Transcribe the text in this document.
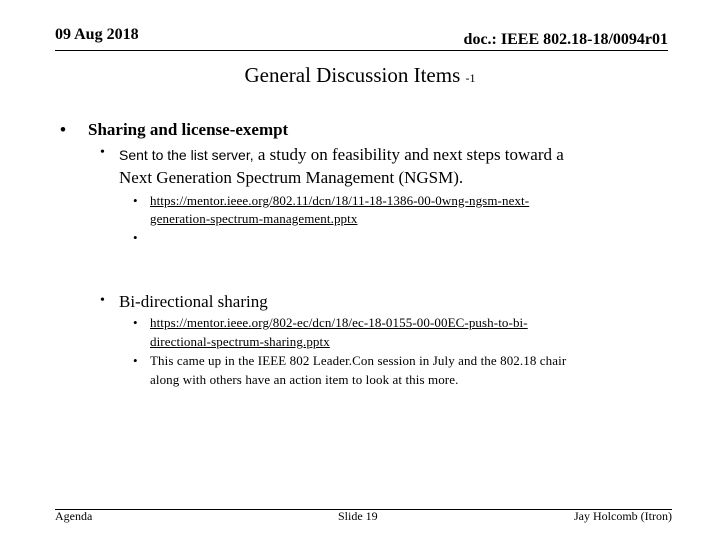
09 Aug 2018	doc.: IEEE 802.18-18/0094r01
General Discussion Items -1
• Sharing and license-exempt
• Sent to the list server, a study on feasibility and next steps toward a
Next Generation Spectrum Management (NGSM).
• https://mentor.ieee.org/802.11/dcn/18/11-18-1386-00-0wng-ngsm-next-
generation-spectrum-management.pptx
•
• Bi-directional sharing
• https://mentor.ieee.org/802-ec/dcn/18/ec-18-0155-00-00EC-push-to-bi-
directional-spectrum-sharing.pptx
• This came up in the IEEE 802 Leader.Con session in July and the 802.18 chair
along with others have an action item to look at this more.
Agenda	Slide 19	Jay Holcomb (Itron)
